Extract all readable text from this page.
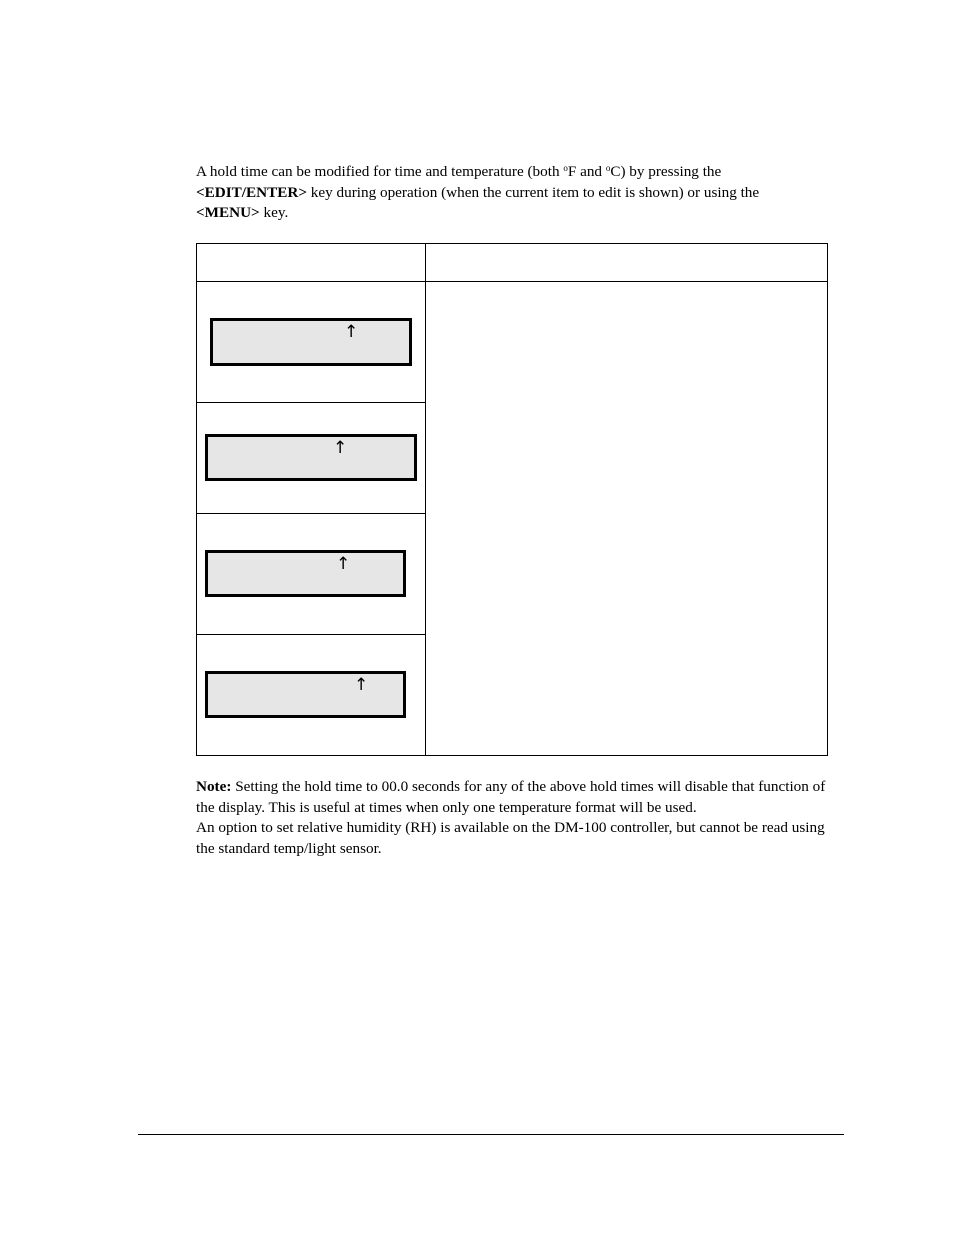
A hold time can be modified for time and temperature (both $^o$F and $^o$C) by pressing the
<EDIT/ENTER> key during operation (when the current item to edit is shown) or using the
<MENU> key.

↑
↑
↑
↑

Note: Setting the hold time to 00.0 seconds for any of the above hold times will disable that function of the display. This is useful at times when only one temperature format will be used.

An option to set relative humidity (RH) is available on the DM-100 controller, but cannot be read using the standard temp/light sensor.
